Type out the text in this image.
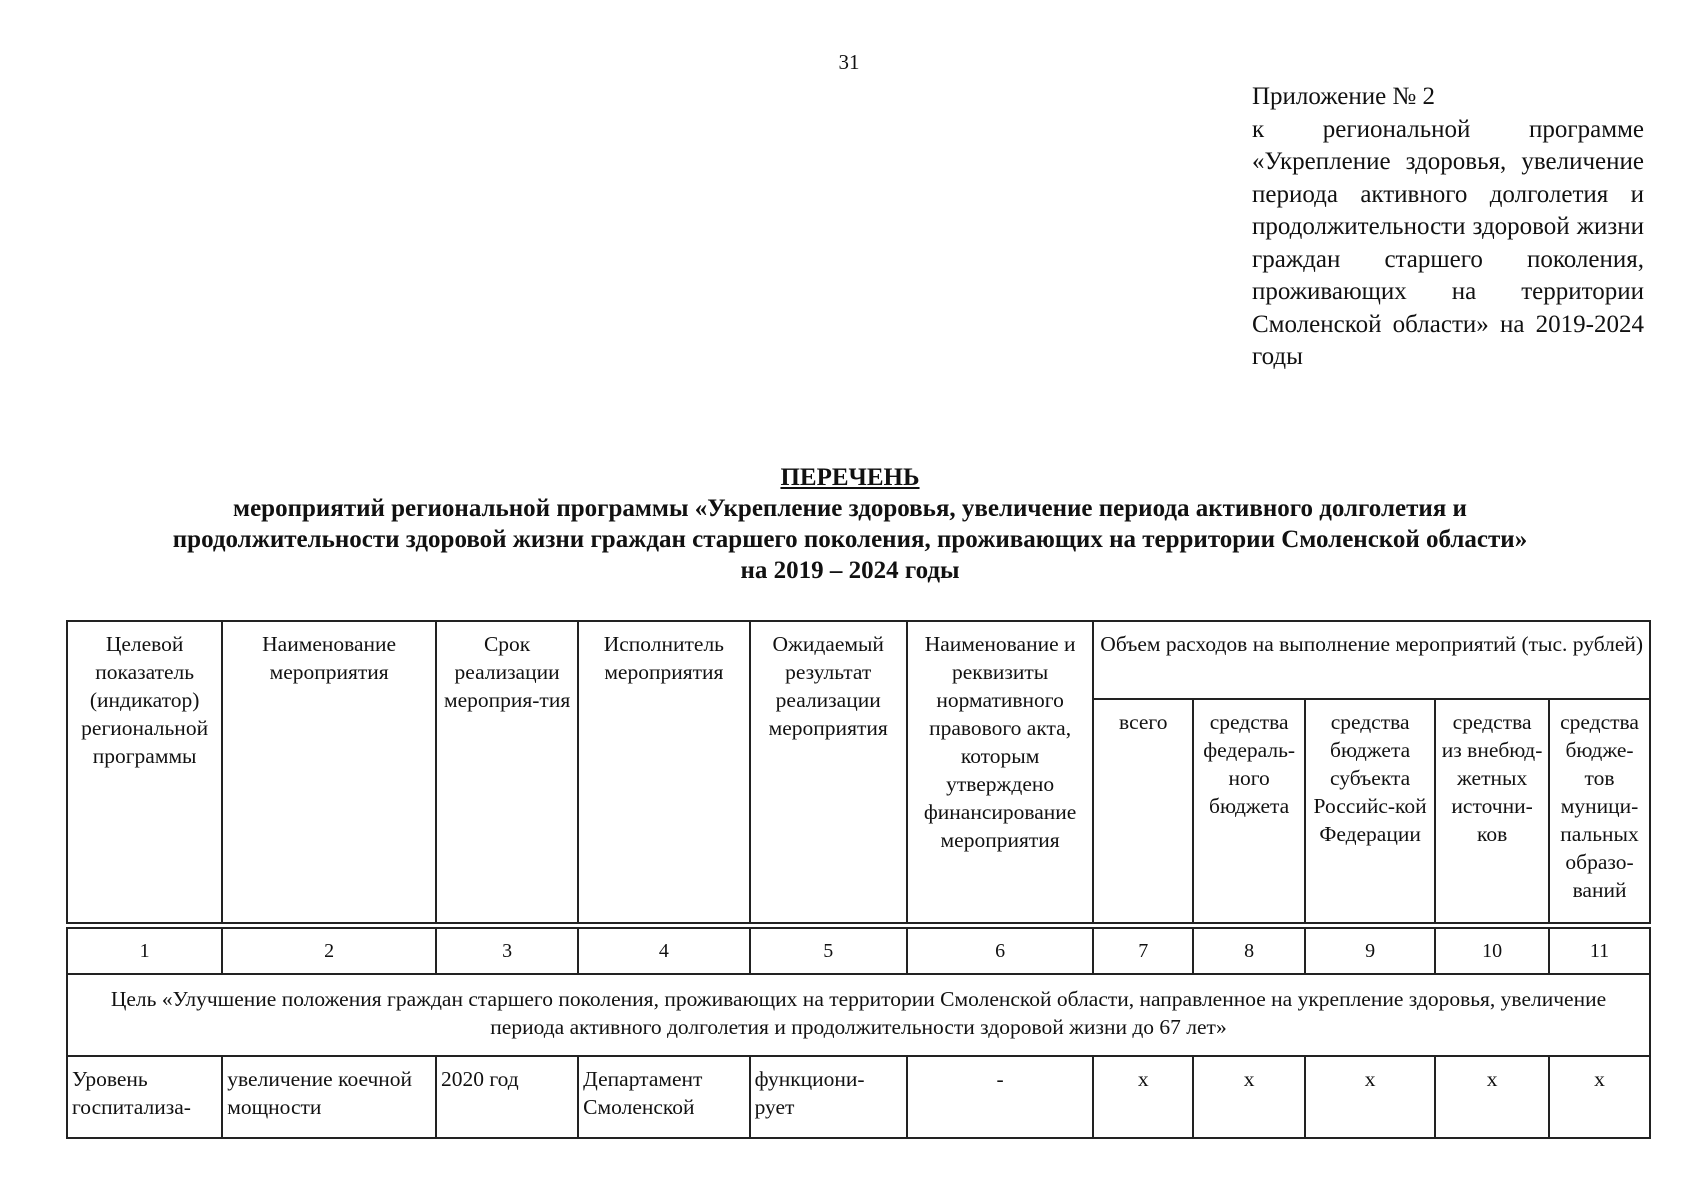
31
Приложение № 2
к региональной программе «Укрепление здоровья, увеличение периода активного долголетия и продолжительности здоровой жизни граждан старшего поколения, проживающих на территории Смоленской области» на 2019-2024 годы
ПЕРЕЧЕНЬ

мероприятий региональной программы «Укрепление здоровья, увеличение периода активного долголетия и
продолжительности здоровой жизни граждан старшего поколения, проживающих на территории Смоленской области»
на 2019 – 2024 годы
Целевой показатель (индикатор) региональной программы	Наименование мероприятия	Срок реализации мероприя-тия	Исполнитель мероприятия	Ожидаемый результат реализации мероприятия	Наименование и реквизиты нормативного правового акта, которым утверждено финансирование мероприятия	Объем расходов на выполнение мероприятий (тыс. рублей)				
						всего	средства федераль-ного бюджета	средства бюджета субъекта Российс-кой Федерации	средства из внебюд-жетных источни-ков	средства бюдже-тов муници-пальных образо-ваний

1	2	3	4	5	6	7	8	9	10	11
Цель «Улучшение положения граждан старшего поколения, проживающих на территории Смоленской области, направленное на укрепление здоровья, увеличение периода активного долголетия и продолжительности здоровой жизни до 67 лет»										
Уровень госпитализа-	увеличение коечной мощности	2020 год	Департамент Смоленской	функциони-рует	-	х	х	х	х	х
